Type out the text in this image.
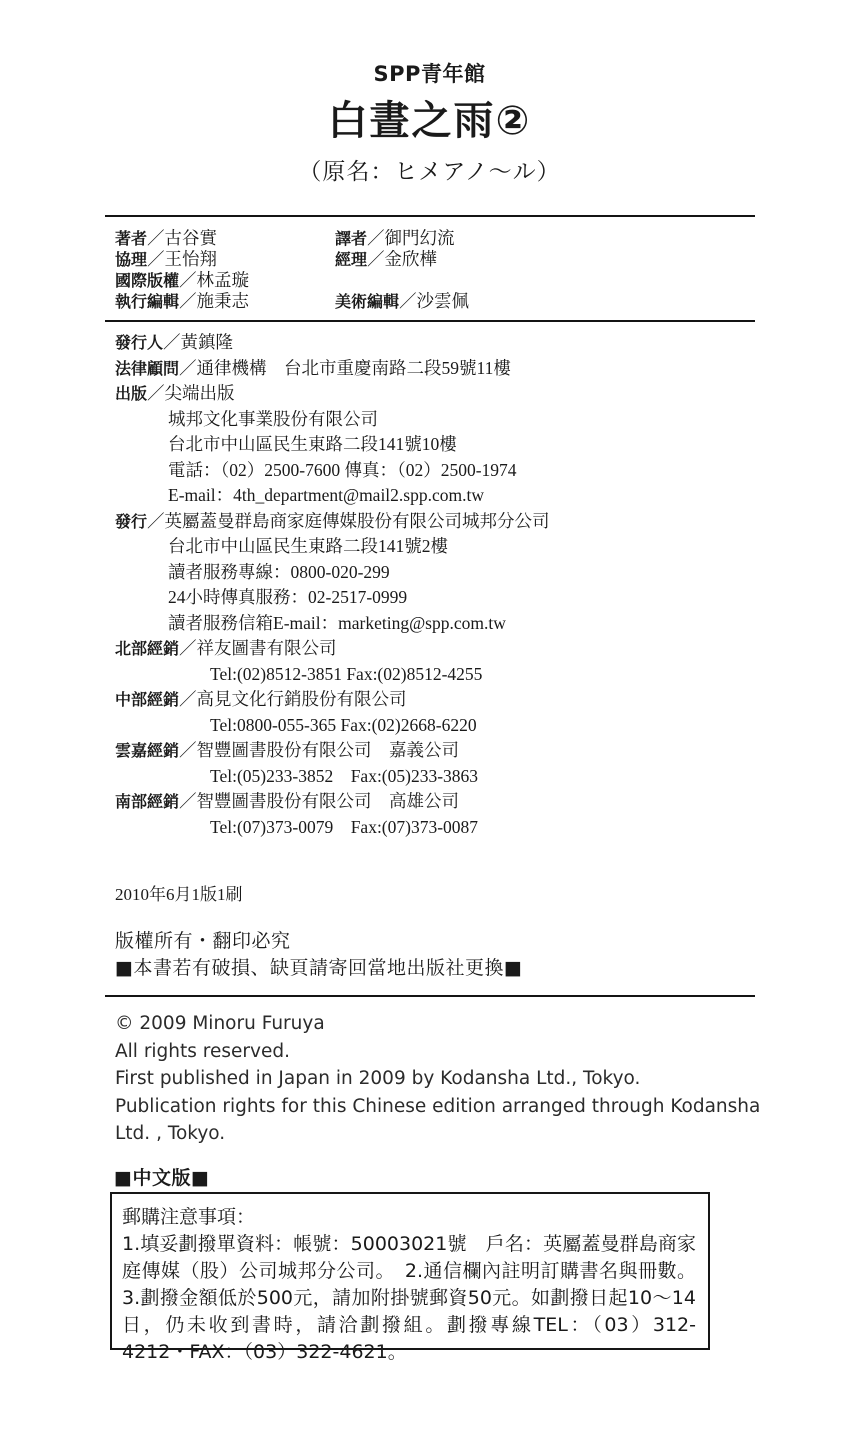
SPP青年館
白晝之雨②
（原名：ヒメアノ～ル）
著者／古谷實	譯者／御門幻流
協理／王怡翔	經理／金欣樺
國際版權／林孟璇
執行編輯／施秉志	美術編輯／沙雲佩
發行人／黃鎮隆
法律顧問／通律機構　台北市重慶南路二段59號11樓
出版／尖端出版
城邦文化事業股份有限公司
台北市中山區民生東路二段141號10樓
電話：（02）2500-7600 傳真：（02）2500-1974
E-mail：4th_department@mail2.spp.com.tw
發行／英屬蓋曼群島商家庭傳媒股份有限公司城邦分公司
台北市中山區民生東路二段141號2樓
讀者服務專線：0800-020-299
24小時傳真服務：02-2517-0999
讀者服務信箱E-mail：marketing@spp.com.tw
北部經銷／祥友圖書有限公司
Tel:(02)8512-3851 Fax:(02)8512-4255
中部經銷／高見文化行銷股份有限公司
Tel:0800-055-365 Fax:(02)2668-6220
雲嘉經銷／智豐圖書股份有限公司　嘉義公司
Tel:(05)233-3852　Fax:(05)233-3863
南部經銷／智豐圖書股份有限公司　高雄公司
Tel:(07)373-0079　Fax:(07)373-0087
2010年6月1版1刷
版權所有・翻印必究
■本書若有破損、缺頁請寄回當地出版社更換■
© 2009 Minoru Furuya
All rights reserved.
First published in Japan in 2009 by Kodansha Ltd., Tokyo.
Publication rights for this Chinese edition arranged through Kodansha Ltd. , Tokyo.
■中文版■
郵購注意事項：
1.填妥劃撥單資料：帳號：50003021號　戶名：英屬蓋曼群島商家庭傳媒（股）公司城邦分公司。　2.通信欄內註明訂購書名與冊數。3.劃撥金額低於500元，請加附掛號郵資50元。如劃撥日起10～14日，仍未收到書時，請洽劃撥組。劃撥專線TEL：（03）312-4212・FAX：（03）322-4621。
